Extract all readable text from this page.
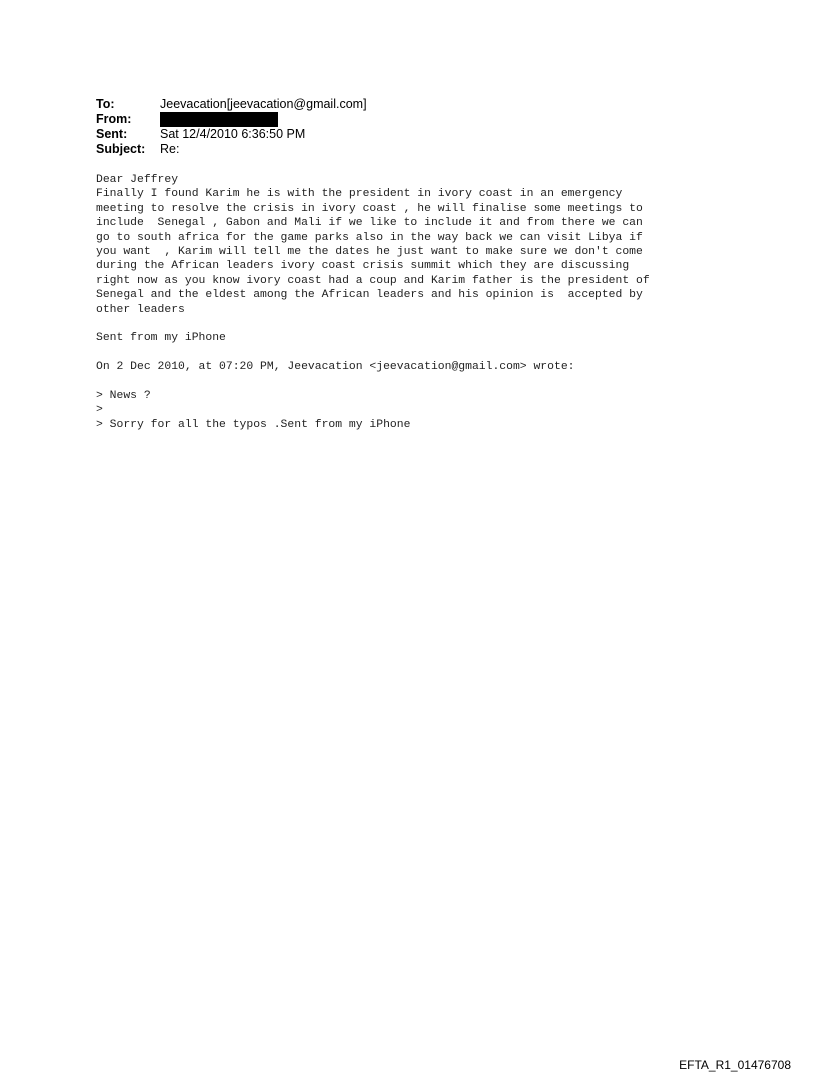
To:	Jeevacation[jeevacation@gmail.com]
From:
Sent:	Sat 12/4/2010 6:36:50 PM
Subject:	Re:

Dear Jeffrey

Finally I found Karim he is with the president in ivory coast in an emergency

meeting to resolve the crisis in ivory coast , he will finalise some meetings to

include  Senegal , Gabon and Mali if we like to include it and from there we can

go to south africa for the game parks also in the way back we can visit Libya if

you want  , Karim will tell me the dates he just want to make sure we don't come

during the African leaders ivory coast crisis summit which they are discussing

right now as you know ivory coast had a coup and Karim father is the president of

Senegal and the eldest among the African leaders and his opinion is  accepted by

other leaders

Sent from my iPhone

On 2 Dec 2010, at 07:20 PM, Jeevacation <jeevacation@gmail.com> wrote:

> News ?

>

> Sorry for all the typos .Sent from my iPhone

EFTA_R1_01476708
